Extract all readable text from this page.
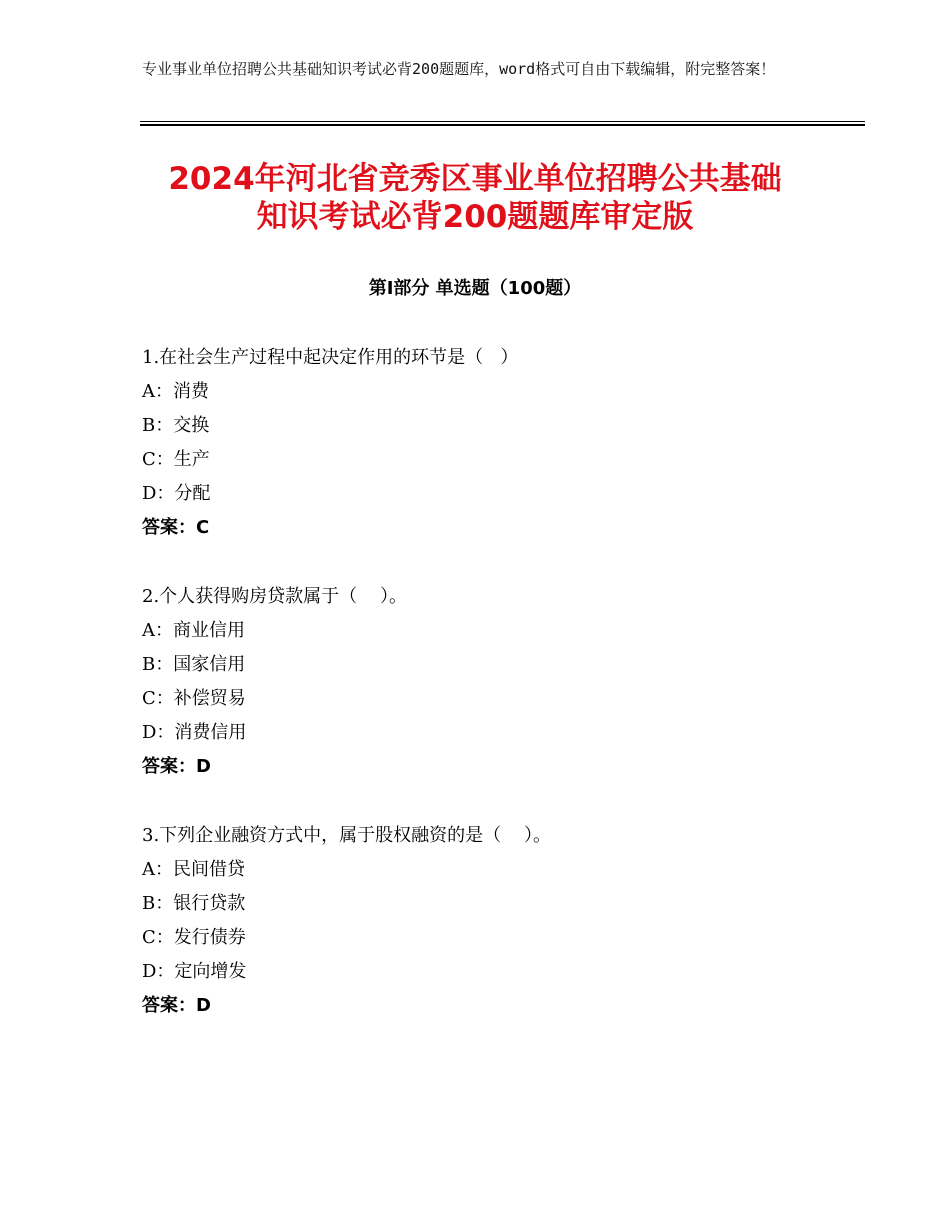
专业事业单位招聘公共基础知识考试必背200题题库，word格式可自由下载编辑，附完整答案！
2024年河北省竞秀区事业单位招聘公共基础
知识考试必背200题题库审定版
第Ⅰ部分 单选题（100题）
1.在社会生产过程中起决定作用的环节是（   ）
A：消费
B：交换
C：生产
D：分配
答案：C
2.个人获得购房贷款属于（    ）。
A：商业信用
B：国家信用
C：补偿贸易
D：消费信用
答案：D
3.下列企业融资方式中，属于股权融资的是（    ）。
A：民间借贷
B：银行贷款
C：发行债券
D：定向增发
答案：D
